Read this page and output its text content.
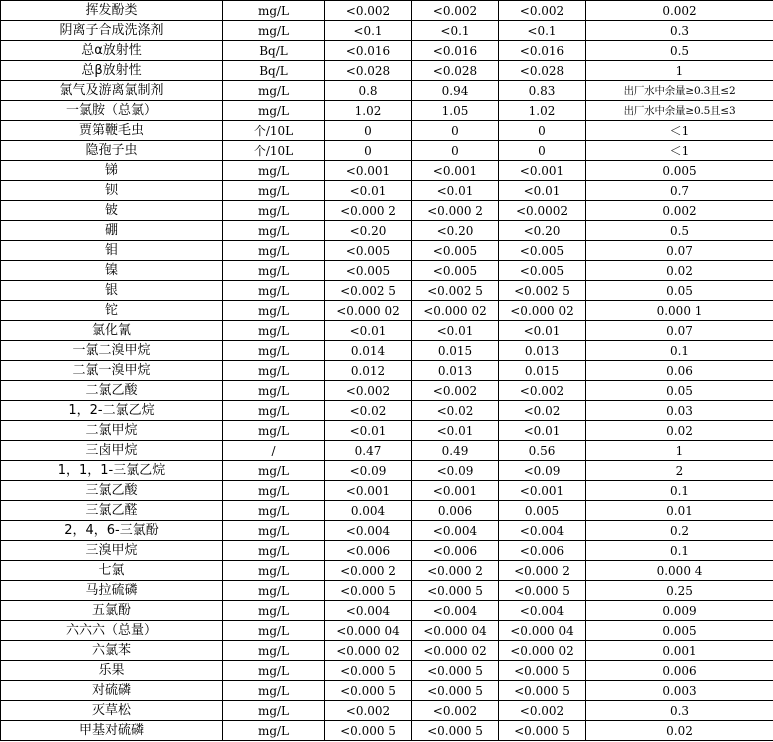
挥发酚类	mg/L	<0.002	<0.002	<0.002	0.002
阴离子合成洗涤剂	mg/L	<0.1	<0.1	<0.1	0.3
总α放射性	Bq/L	<0.016	<0.016	<0.016	0.5
总β放射性	Bq/L	<0.028	<0.028	<0.028	1
氯气及游离氯制剂	mg/L	0.8	0.94	0.83	出厂水中余量≥0.3且≤2
一氯胺（总氯）	mg/L	1.02	1.05	1.02	出厂水中余量≥0.5且≤3
贾第鞭毛虫	个/10L	0	0	0	＜1
隐孢子虫	个/10L	0	0	0	＜1
锑	mg/L	<0.001	<0.001	<0.001	0.005
钡	mg/L	<0.01	<0.01	<0.01	0.7
铍	mg/L	<0.000 2	<0.000 2	<0.0002	0.002
硼	mg/L	<0.20	<0.20	<0.20	0.5
钼	mg/L	<0.005	<0.005	<0.005	0.07
镍	mg/L	<0.005	<0.005	<0.005	0.02
银	mg/L	<0.002 5	<0.002 5	<0.002 5	0.05
铊	mg/L	<0.000 02	<0.000 02	<0.000 02	0.000 1
氯化氰	mg/L	<0.01	<0.01	<0.01	0.07
一氯二溴甲烷	mg/L	0.014	0.015	0.013	0.1
二氯一溴甲烷	mg/L	0.012	0.013	0.015	0.06
二氯乙酸	mg/L	<0.002	<0.002	<0.002	0.05
1，2-二氯乙烷	mg/L	<0.02	<0.02	<0.02	0.03
二氯甲烷	mg/L	<0.01	<0.01	<0.01	0.02
三卤甲烷	/	0.47	0.49	0.56	1
1，1，1-三氯乙烷	mg/L	<0.09	<0.09	<0.09	2
三氯乙酸	mg/L	<0.001	<0.001	<0.001	0.1
三氯乙醛	mg/L	0.004	0.006	0.005	0.01
2，4，6-三氯酚	mg/L	<0.004	<0.004	<0.004	0.2
三溴甲烷	mg/L	<0.006	<0.006	<0.006	0.1
七氯	mg/L	<0.000 2	<0.000 2	<0.000 2	0.000 4
马拉硫磷	mg/L	<0.000 5	<0.000 5	<0.000 5	0.25
五氯酚	mg/L	<0.004	<0.004	<0.004	0.009
六六六（总量）	mg/L	<0.000 04	<0.000 04	<0.000 04	0.005
六氯苯	mg/L	<0.000 02	<0.000 02	<0.000 02	0.001
乐果	mg/L	<0.000 5	<0.000 5	<0.000 5	0.006
对硫磷	mg/L	<0.000 5	<0.000 5	<0.000 5	0.003
灭草松	mg/L	<0.002	<0.002	<0.002	0.3
甲基对硫磷	mg/L	<0.000 5	<0.000 5	<0.000 5	0.02
